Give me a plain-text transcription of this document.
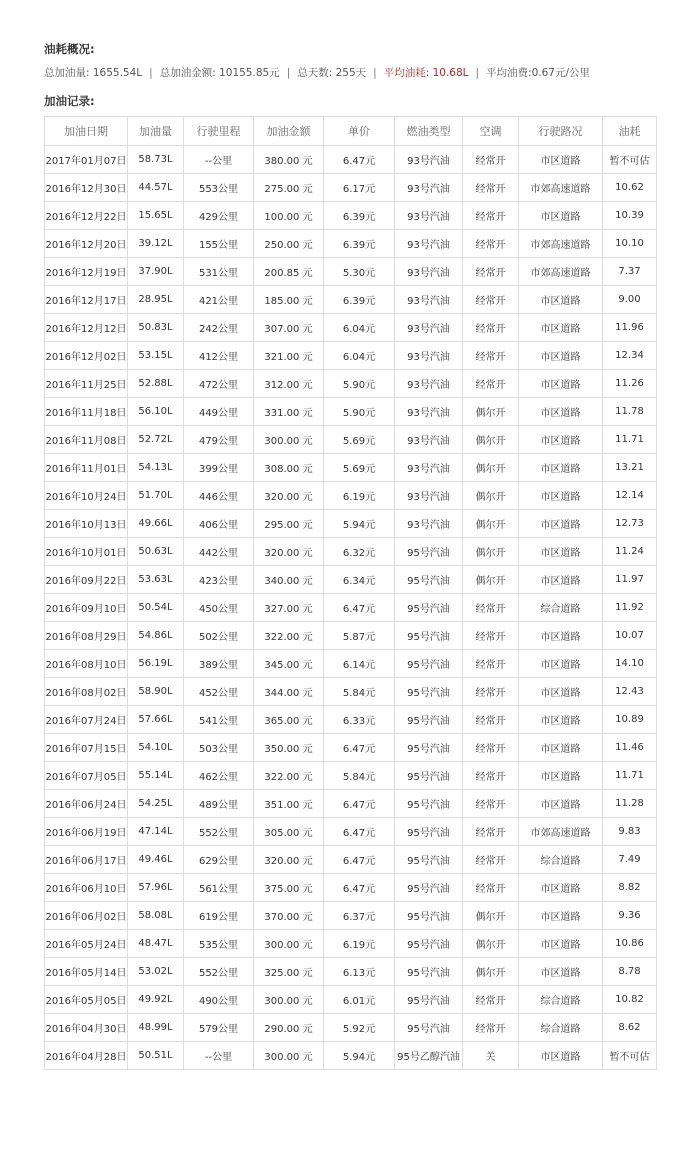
油耗概况:
总加油量: 1655.54L | 总加油金额: 10155.85元 | 总天数: 255天 | 平均油耗: 10.68L | 平均油费:0.67元/公里
加油记录:
加油日期	加油量	行驶里程	加油金额	单价	燃油类型	空调	行驶路况	油耗
2017年01月07日	58.73L	--公里	380.00 元	6.47元	93号汽油	经常开	市区道路	暂不可估
2016年12月30日	44.57L	553公里	275.00 元	6.17元	93号汽油	经常开	市郊高速道路	10.62
2016年12月22日	15.65L	429公里	100.00 元	6.39元	93号汽油	经常开	市区道路	10.39
2016年12月20日	39.12L	155公里	250.00 元	6.39元	93号汽油	经常开	市郊高速道路	10.10
2016年12月19日	37.90L	531公里	200.85 元	5.30元	93号汽油	经常开	市郊高速道路	7.37
2016年12月17日	28.95L	421公里	185.00 元	6.39元	93号汽油	经常开	市区道路	9.00
2016年12月12日	50.83L	242公里	307.00 元	6.04元	93号汽油	经常开	市区道路	11.96
2016年12月02日	53.15L	412公里	321.00 元	6.04元	93号汽油	经常开	市区道路	12.34
2016年11月25日	52.88L	472公里	312.00 元	5.90元	93号汽油	经常开	市区道路	11.26
2016年11月18日	56.10L	449公里	331.00 元	5.90元	93号汽油	偶尔开	市区道路	11.78
2016年11月08日	52.72L	479公里	300.00 元	5.69元	93号汽油	偶尔开	市区道路	11.71
2016年11月01日	54.13L	399公里	308.00 元	5.69元	93号汽油	偶尔开	市区道路	13.21
2016年10月24日	51.70L	446公里	320.00 元	6.19元	93号汽油	偶尔开	市区道路	12.14
2016年10月13日	49.66L	406公里	295.00 元	5.94元	93号汽油	偶尔开	市区道路	12.73
2016年10月01日	50.63L	442公里	320.00 元	6.32元	95号汽油	偶尔开	市区道路	11.24
2016年09月22日	53.63L	423公里	340.00 元	6.34元	95号汽油	偶尔开	市区道路	11.97
2016年09月10日	50.54L	450公里	327.00 元	6.47元	95号汽油	经常开	综合道路	11.92
2016年08月29日	54.86L	502公里	322.00 元	5.87元	95号汽油	经常开	市区道路	10.07
2016年08月10日	56.19L	389公里	345.00 元	6.14元	95号汽油	经常开	市区道路	14.10
2016年08月02日	58.90L	452公里	344.00 元	5.84元	95号汽油	经常开	市区道路	12.43
2016年07月24日	57.66L	541公里	365.00 元	6.33元	95号汽油	经常开	市区道路	10.89
2016年07月15日	54.10L	503公里	350.00 元	6.47元	95号汽油	经常开	市区道路	11.46
2016年07月05日	55.14L	462公里	322.00 元	5.84元	95号汽油	经常开	市区道路	11.71
2016年06月24日	54.25L	489公里	351.00 元	6.47元	95号汽油	经常开	市区道路	11.28
2016年06月19日	47.14L	552公里	305.00 元	6.47元	95号汽油	经常开	市郊高速道路	9.83
2016年06月17日	49.46L	629公里	320.00 元	6.47元	95号汽油	经常开	综合道路	7.49
2016年06月10日	57.96L	561公里	375.00 元	6.47元	95号汽油	经常开	市区道路	8.82
2016年06月02日	58.08L	619公里	370.00 元	6.37元	95号汽油	偶尔开	市区道路	9.36
2016年05月24日	48.47L	535公里	300.00 元	6.19元	95号汽油	偶尔开	市区道路	10.86
2016年05月14日	53.02L	552公里	325.00 元	6.13元	95号汽油	偶尔开	市区道路	8.78
2016年05月05日	49.92L	490公里	300.00 元	6.01元	95号汽油	经常开	综合道路	10.82
2016年04月30日	48.99L	579公里	290.00 元	5.92元	95号汽油	经常开	综合道路	8.62
2016年04月28日	50.51L	--公里	300.00 元	5.94元	95号乙醇汽油	关	市区道路	暂不可估
